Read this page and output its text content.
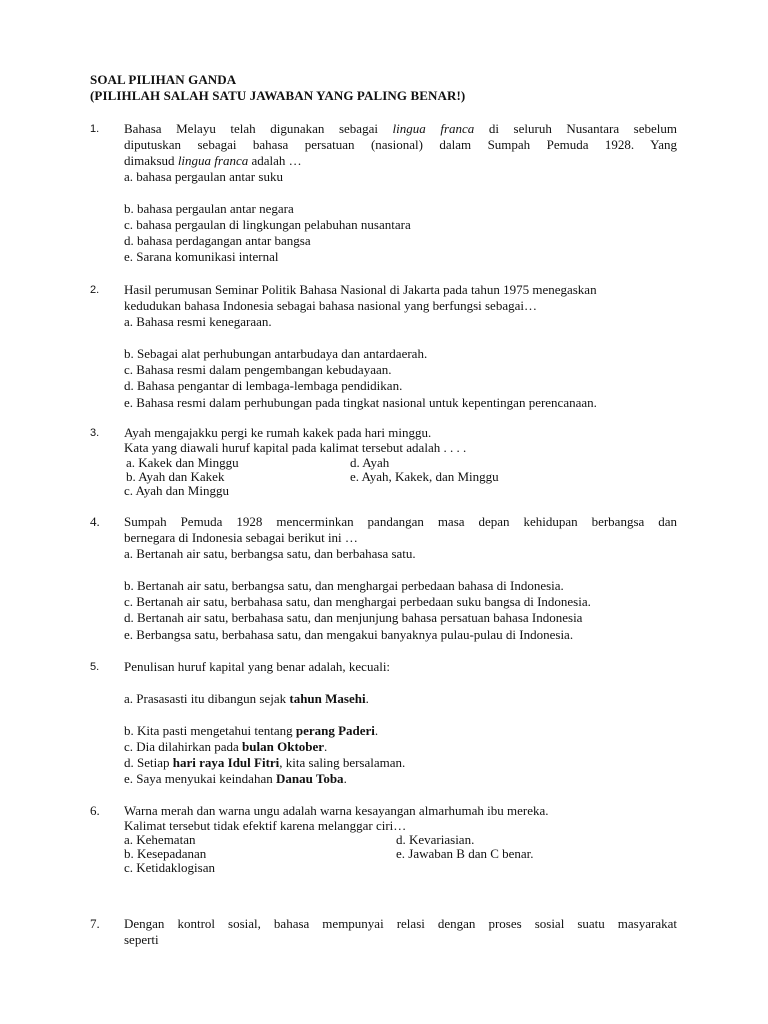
SOAL PILIHAN GANDA
(PILIHLAH SALAH SATU JAWABAN YANG PALING BENAR!)
1. Bahasa Melayu telah digunakan sebagai lingua franca di seluruh Nusantara sebelum
diputuskan sebagai bahasa persatuan (nasional) dalam Sumpah Pemuda 1928. Yang
dimaksud lingua franca adalah …
a. bahasa pergaulan antar suku
b. bahasa pergaulan antar negara
c. bahasa pergaulan di lingkungan pelabuhan nusantara
d. bahasa perdagangan antar bangsa
e. Sarana komunikasi internal
2. Hasil perumusan Seminar Politik Bahasa Nasional di Jakarta pada tahun 1975 menegaskan
kedudukan bahasa Indonesia sebagai bahasa nasional yang berfungsi sebagai…
a. Bahasa resmi kenegaraan.
b. Sebagai alat perhubungan antarbudaya dan antardaerah.
c. Bahasa resmi dalam pengembangan kebudayaan.
d. Bahasa pengantar di lembaga-lembaga pendidikan.
e. Bahasa resmi dalam perhubungan pada tingkat nasional untuk kepentingan perencanaan.
3. Ayah mengajakku pergi ke rumah kakek pada hari minggu.
Kata yang diawali huruf kapital pada kalimat tersebut adalah . . . .
a. Kakek dan Minggu
b. Ayah dan Kakek
c. Ayah dan Minggu
d. Ayah
e. Ayah, Kakek, dan Minggu
4. Sumpah Pemuda 1928 mencerminkan pandangan masa depan kehidupan berbangsa dan
bernegara di Indonesia sebagai berikut ini …
a. Bertanah air satu, berbangsa satu, dan berbahasa satu.
b. Bertanah air satu, berbangsa satu, dan menghargai perbedaan bahasa di Indonesia.
c. Bertanah air satu, berbahasa satu, dan menghargai perbedaan suku bangsa di Indonesia.
d. Bertanah air satu, berbahasa satu, dan menjunjung bahasa persatuan bahasa Indonesia
e. Berbangsa satu, berbahasa satu, dan mengakui banyaknya pulau-pulau di Indonesia.
5. Penulisan huruf kapital yang benar adalah, kecuali:
a. Prasasasti itu dibangun sejak tahun Masehi.
b. Kita pasti mengetahui tentang perang Paderi.
c. Dia dilahirkan pada bulan Oktober.
d. Setiap hari raya Idul Fitri, kita saling bersalaman.
e. Saya menyukai keindahan Danau Toba.
6. Warna merah dan warna ungu adalah warna kesayangan almarhumah ibu mereka.
Kalimat tersebut tidak efektif karena melanggar ciri…
a. Kehematan
b. Kesepadanan
c. Ketidaklogisan
d. Kevariasian.
e. Jawaban B dan C benar.
7. Dengan kontrol sosial, bahasa mempunyai relasi dengan proses sosial suatu masyarakat
seperti
